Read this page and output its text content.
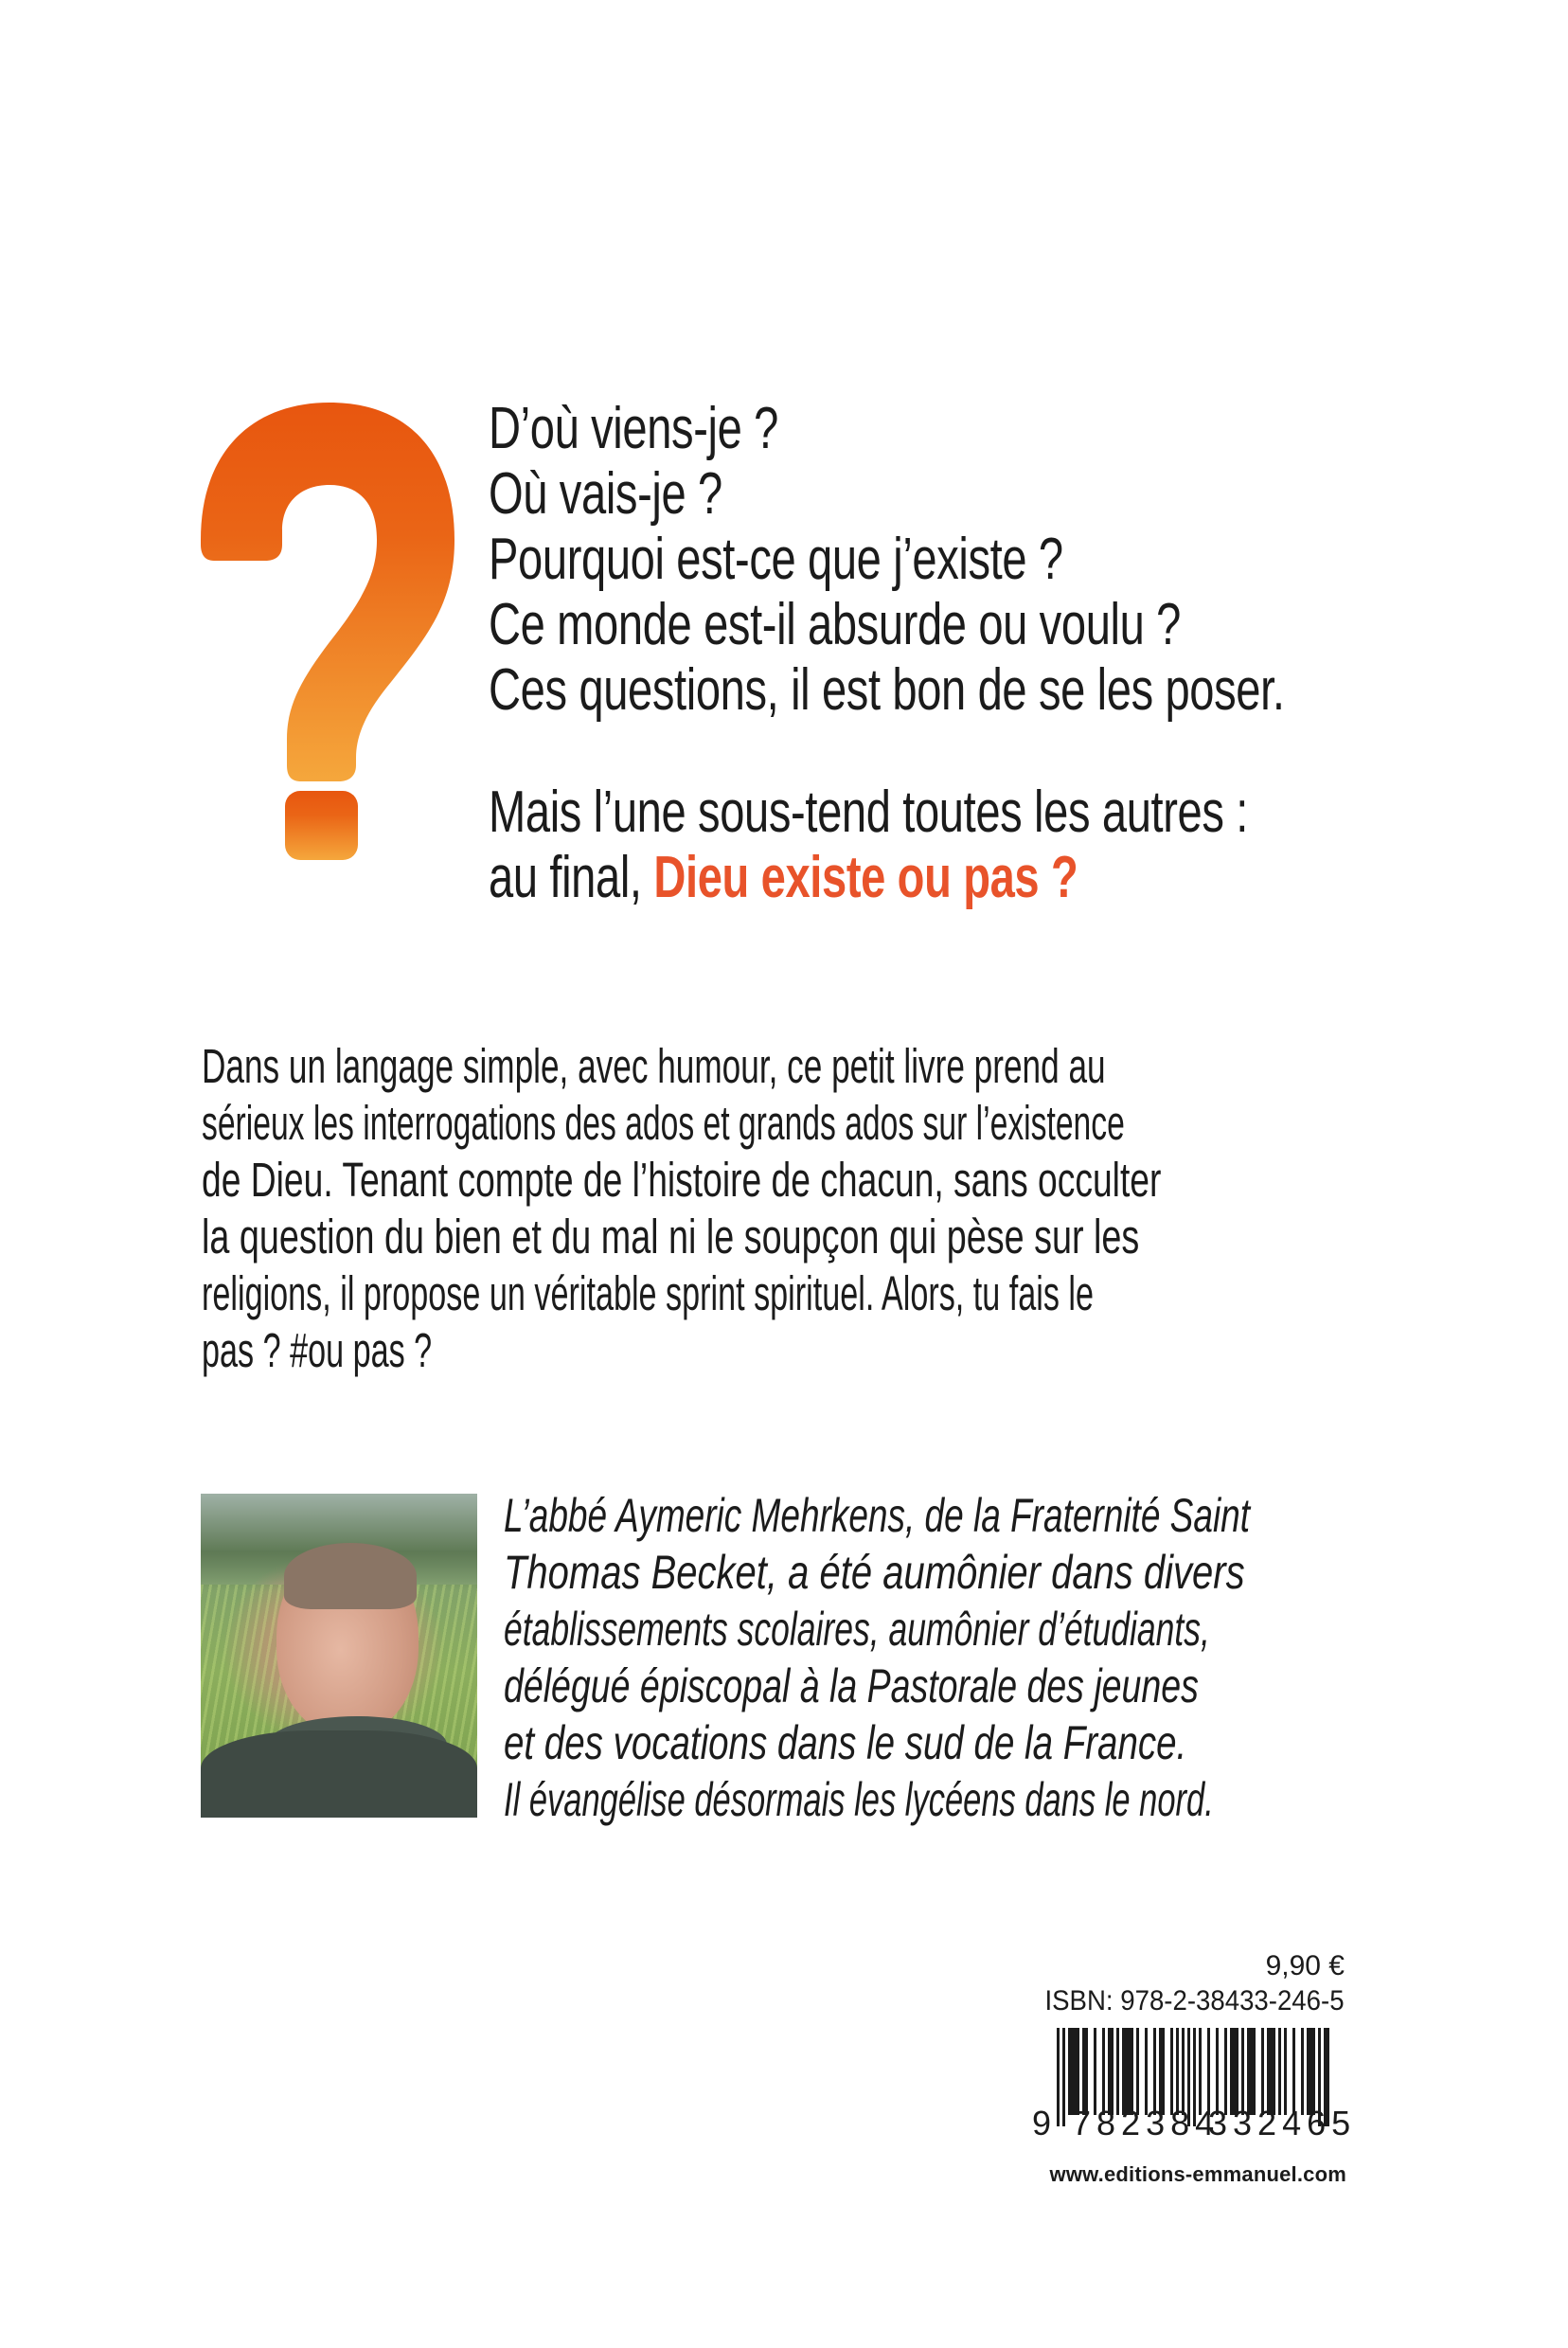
D’où viens-je ?
Où vais-je ?
Pourquoi est-ce que j’existe ?
Ce monde est-il absurde ou voulu ?
Ces questions, il est bon de se les poser.
Mais l’une sous-tend toutes les autres :
au final, Dieu existe ou pas ?
Dans un langage simple, avec humour, ce petit livre prend au
sérieux les interrogations des ados et grands ados sur l’existence
de Dieu. Tenant compte de l’histoire de chacun, sans occulter
la question du bien et du mal ni le soupçon qui pèse sur les
religions, il propose un véritable sprint spirituel. Alors, tu fais le
pas ? #ou pas ?
L’abbé Aymeric Mehrkens, de la Fraternité Saint
Thomas Becket, a été aumônier dans divers
établissements scolaires, aumônier d’étudiants,
délégué épiscopal à la Pastorale des jeunes
et des vocations dans le sud de la France.
Il évangélise désormais les lycéens dans le nord.
9,90 €
ISBN: 978-2-38433-246-5
9 782384
332465
www.editions-emmanuel.com
